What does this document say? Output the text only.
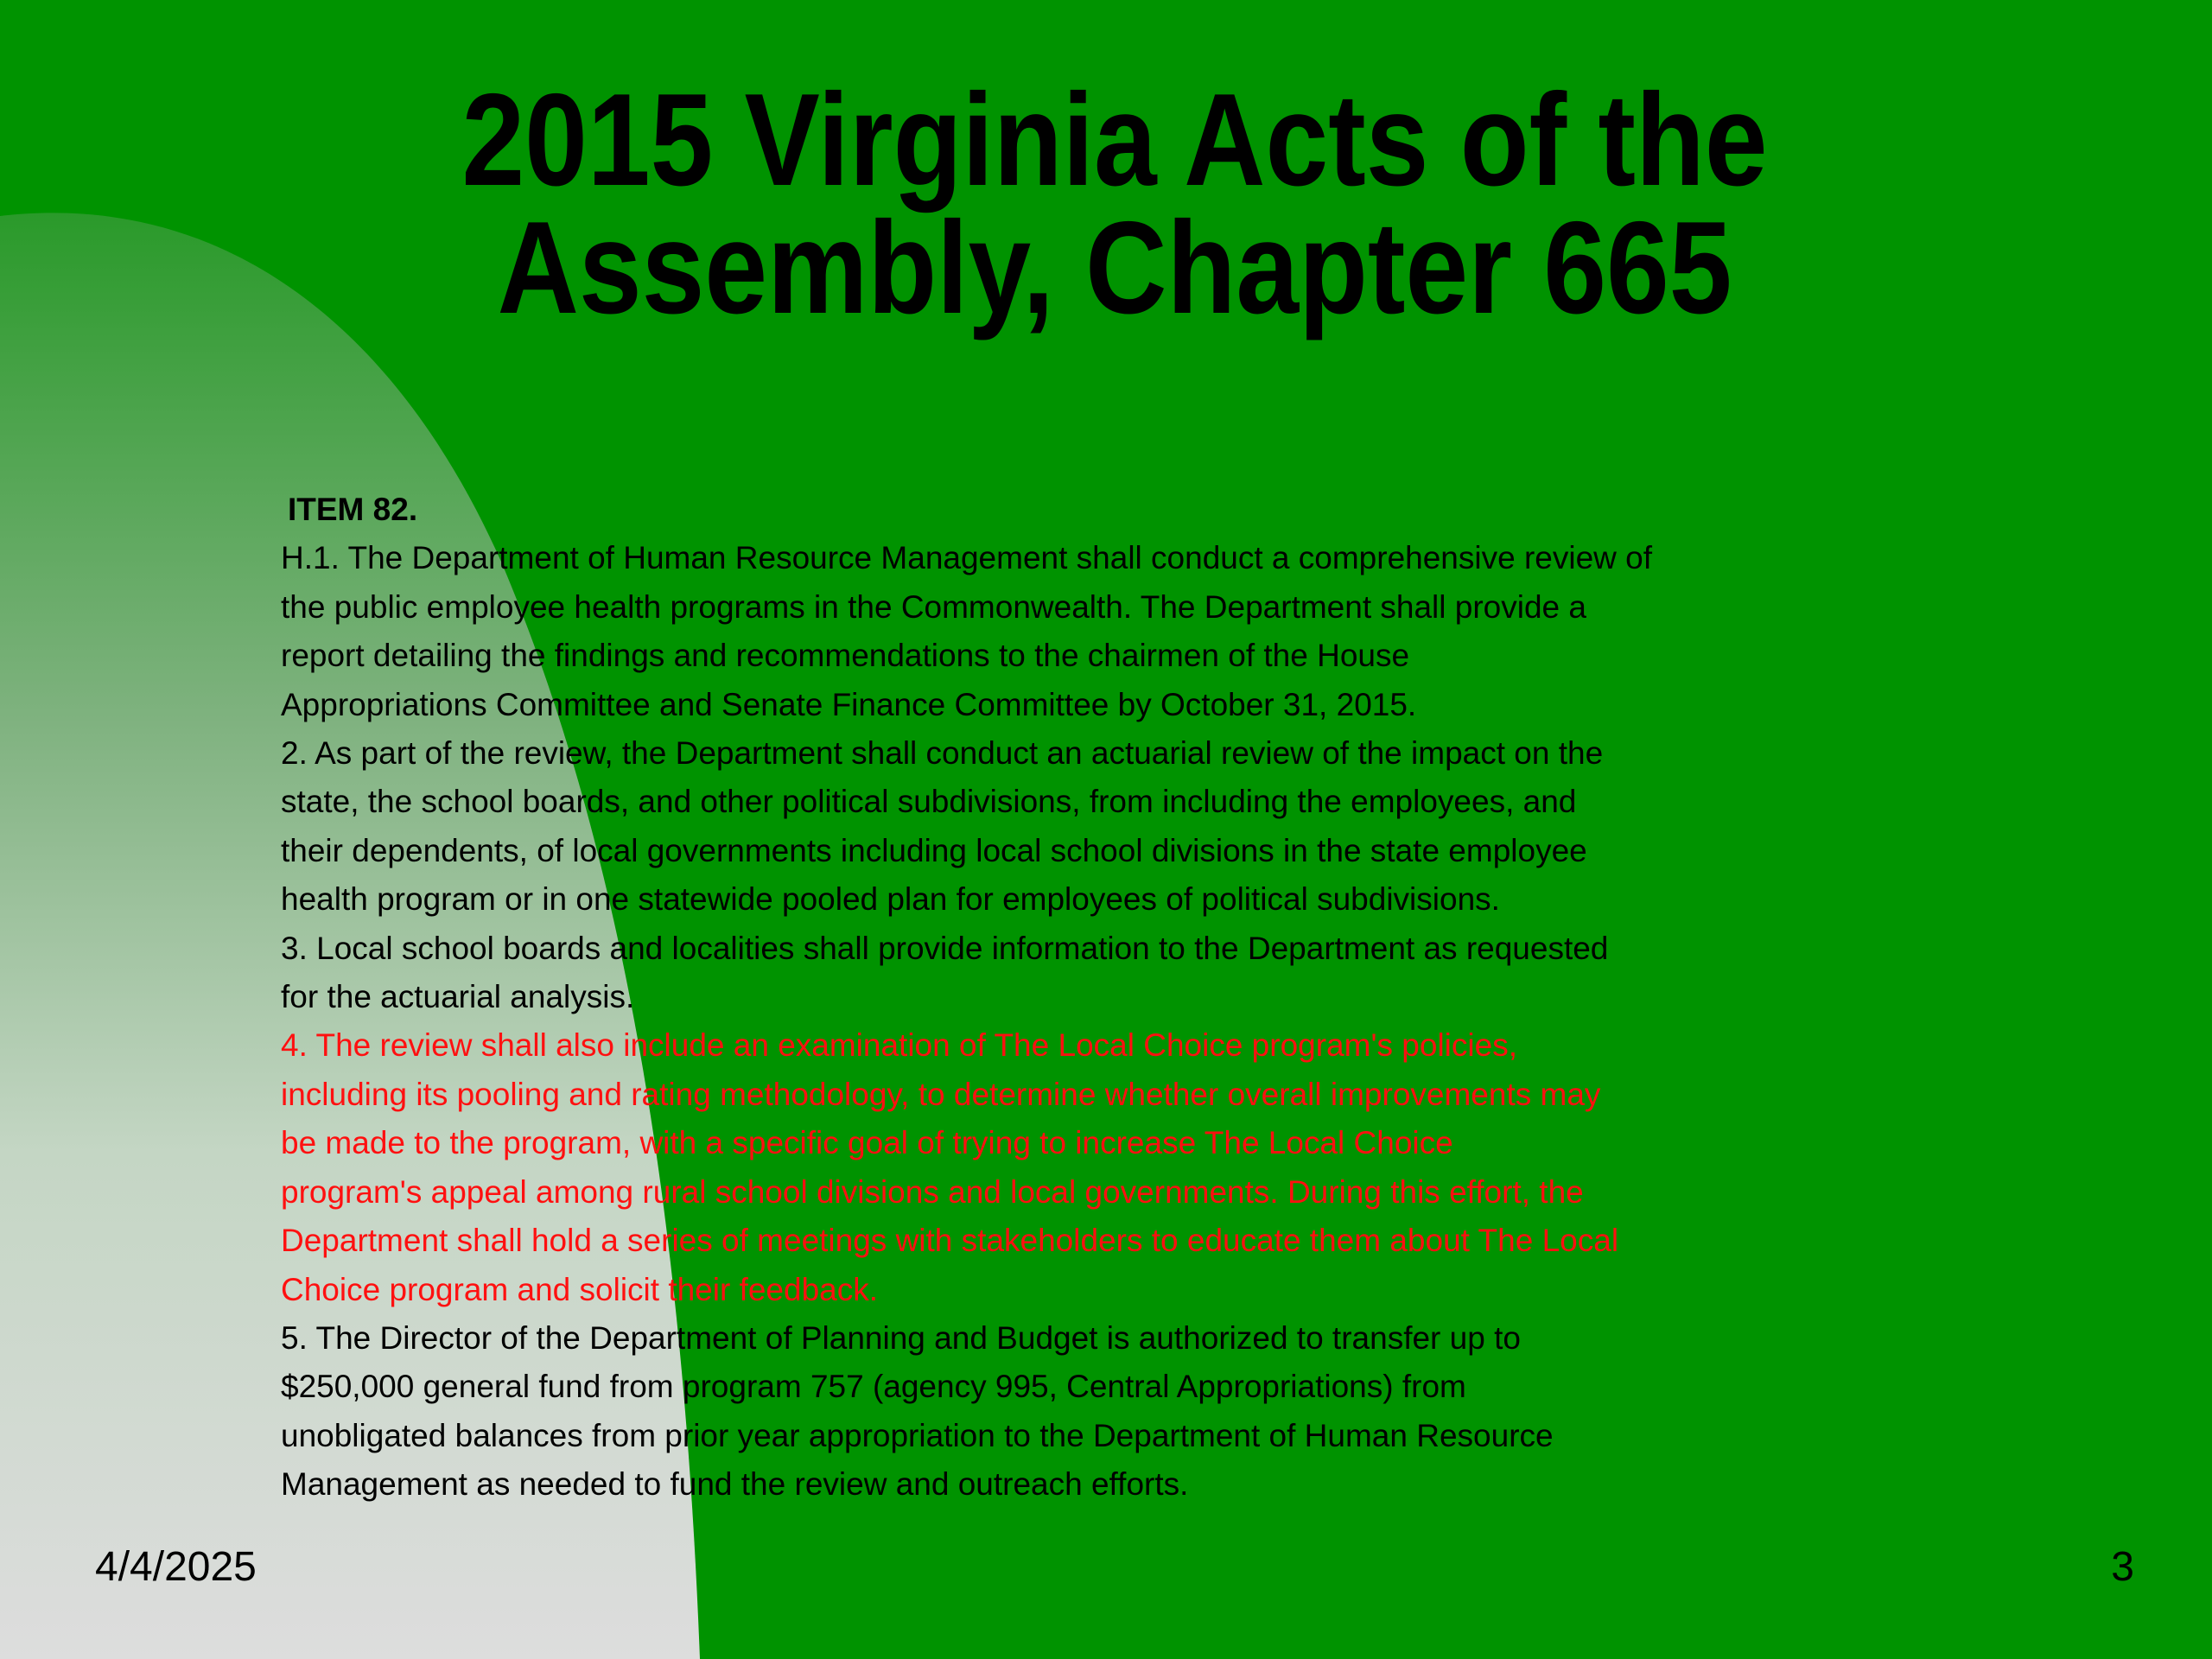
2015 Virginia Acts of the
Assembly, Chapter 665
ITEM 82.
H.1. The Department of Human Resource Management shall conduct a comprehensive review of
the public employee health programs in the Commonwealth. The Department shall provide a
report detailing the findings and recommendations to the chairmen of the House
Appropriations Committee and Senate Finance Committee by October 31, 2015.
2. As part of the review, the Department shall conduct an actuarial review of the impact on the
state, the school boards, and other political subdivisions, from including the employees, and
their dependents, of local governments including local school divisions in the state employee
health program or in one statewide pooled plan for employees of political subdivisions.
3. Local school boards and localities shall provide information to the Department as requested
for the actuarial analysis.
4. The review shall also include an examination of The Local Choice program's policies,
including its pooling and rating methodology, to determine whether overall improvements may
be made to the program, with a specific goal of trying to increase The Local Choice
program's appeal among rural school divisions and local governments. During this effort, the
Department shall hold a series of meetings with stakeholders to educate them about The Local
Choice program and solicit their feedback.
5. The Director of the Department of Planning and Budget is authorized to transfer up to
$250,000 general fund from program 757 (agency 995, Central Appropriations) from
unobligated balances from prior year appropriation to the Department of Human Resource
Management as needed to fund the review and outreach efforts.
4/4/2025	3
